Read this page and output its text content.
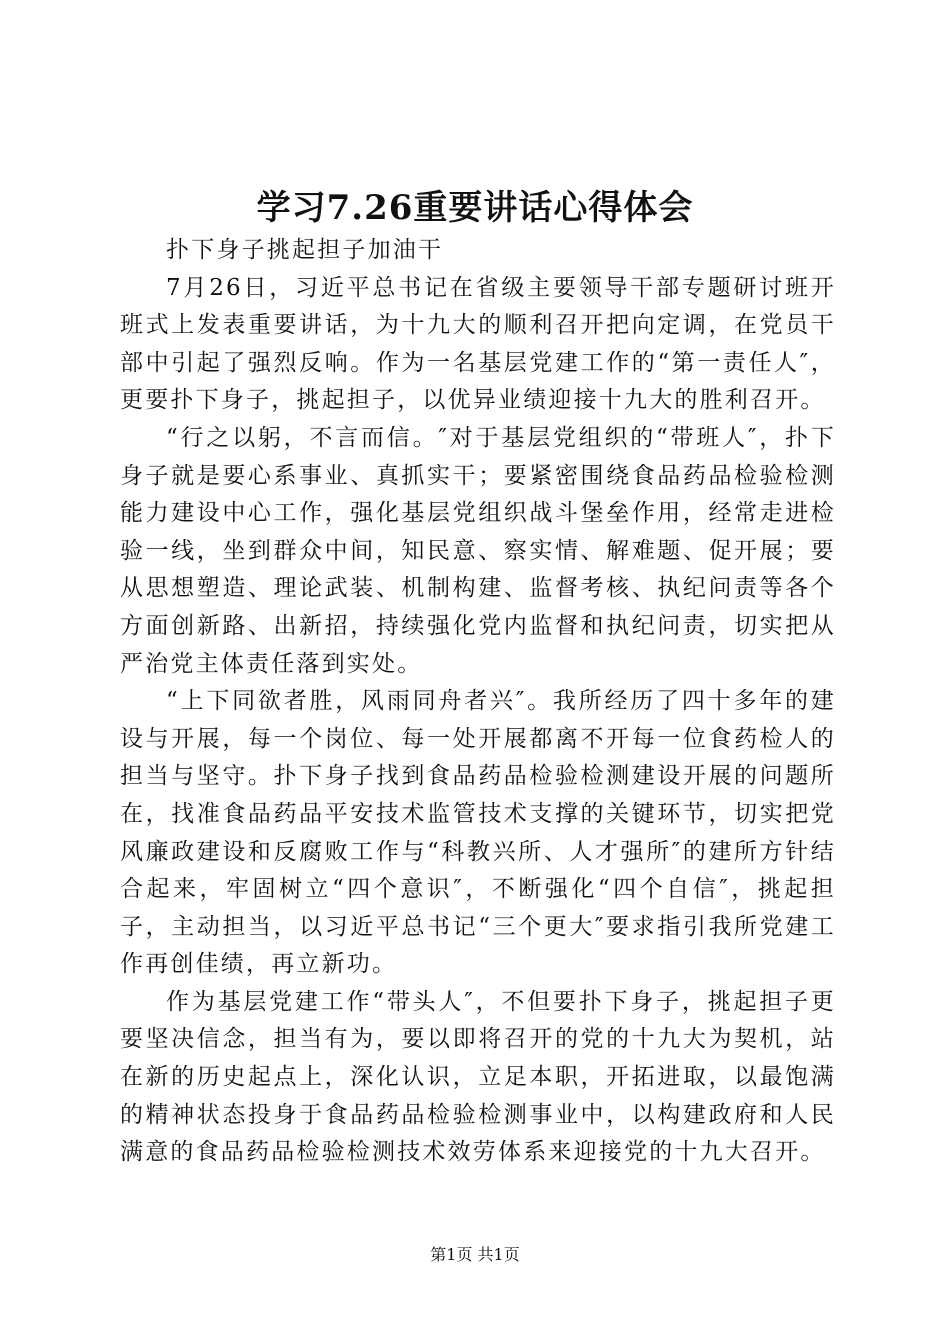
学习7.26重要讲话心得体会

扑下身子挑起担子加油干

7月26日，习近平总书记在省级主要领导干部专题研讨班开班式上发表重要讲话，为十九大的顺利召开把向定调，在党员干部中引起了强烈反响。作为一名基层党建工作的“第一责任人″，更要扑下身子，挑起担子，以优异业绩迎接十九大的胜利召开。

“行之以躬，不言而信。″对于基层党组织的“带班人″，扑下身子就是要心系事业、真抓实干；要紧密围绕食品药品检验检测能力建设中心工作，强化基层党组织战斗堡垒作用，经常走进检验一线，坐到群众中间，知民意、察实情、解难题、促开展；要从思想塑造、理论武装、机制构建、监督考核、执纪问责等各个方面创新路、出新招，持续强化党内监督和执纪问责，切实把从严治党主体责任落到实处。

“上下同欲者胜，风雨同舟者兴″。我所经历了四十多年的建设与开展，每一个岗位、每一处开展都离不开每一位食药检人的担当与坚守。扑下身子找到食品药品检验检测建设开展的问题所在，找准食品药品平安技术监管技术支撑的关键环节，切实把党风廉政建设和反腐败工作与“科教兴所、人才强所″的建所方针结合起来，牢固树立“四个意识″，不断强化“四个自信″，挑起担子，主动担当，以习近平总书记“三个更大″要求指引我所党建工作再创佳绩，再立新功。

作为基层党建工作“带头人″，不但要扑下身子，挑起担子更要坚决信念，担当有为，要以即将召开的党的十九大为契机，站在新的历史起点上，深化认识，立足本职，开拓进取，以最饱满的精神状态投身于食品药品检验检测事业中，以构建政府和人民满意的食品药品检验检测技术效劳体系来迎接党的十九大召开。

第1页 共1页
